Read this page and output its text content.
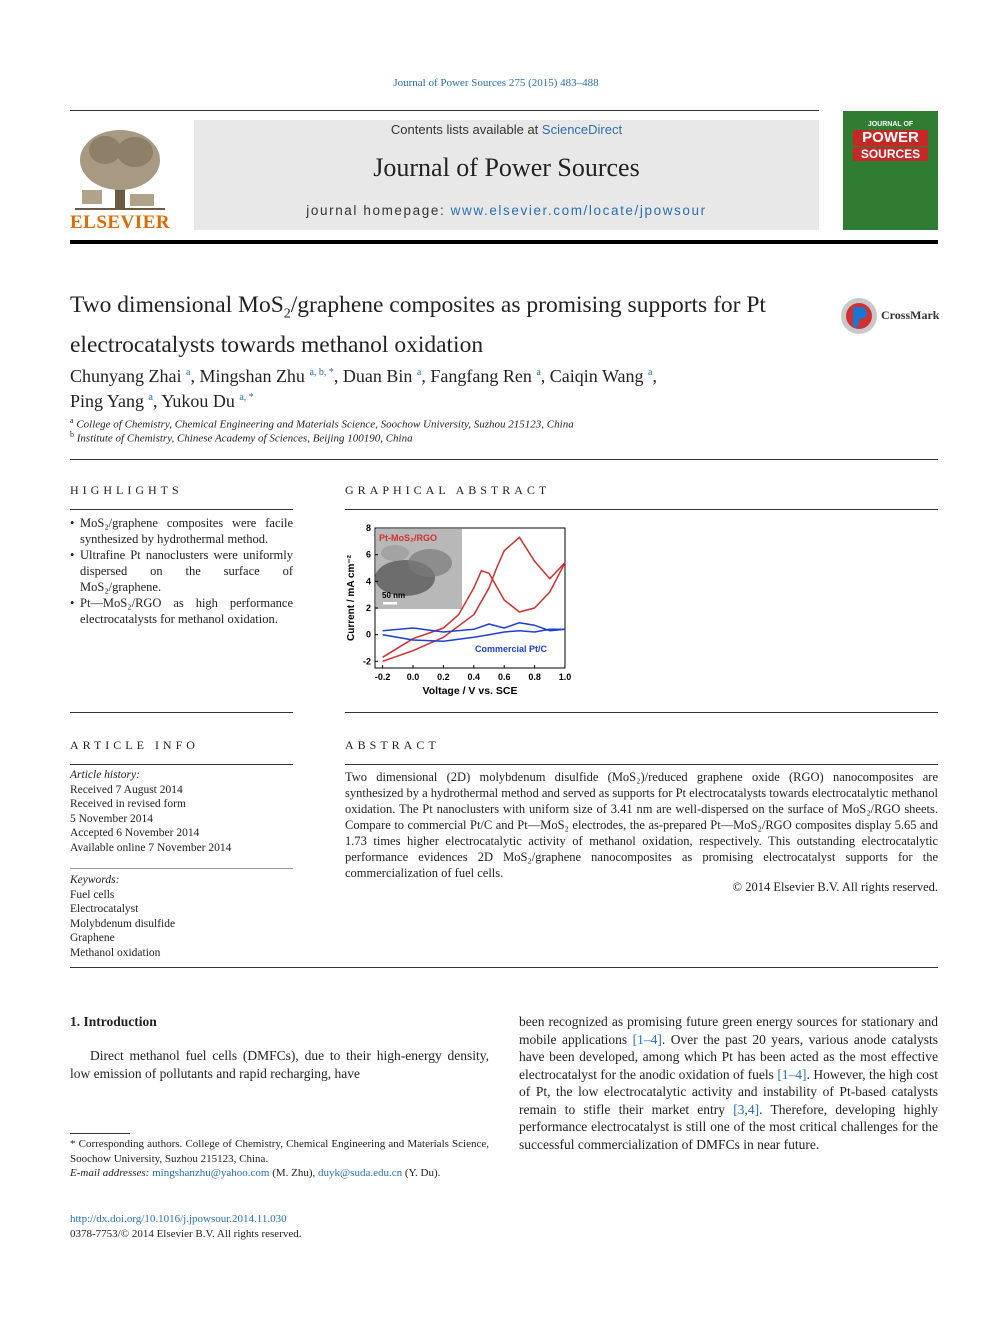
Journal of Power Sources 275 (2015) 483–488
ELSEVIER
Contents lists available at ScienceDirect
Journal of Power Sources
journal homepage: www.elsevier.com/locate/jpowsour
JOURNAL OF
POWER
SOURCES
Two dimensional MoS$_2$/graphene composites as promising supports for Pt electrocatalysts towards methanol oxidation
CrossMark
Chunyang Zhai $^a$, Mingshan Zhu $^{a, b, *}$, Duan Bin $^a$, Fangfang Ren $^a$, Caiqin Wang $^a$,
Ping Yang $^a$, Yukou Du $^{a, *}$
$^a$ College of Chemistry, Chemical Engineering and Materials Science, Soochow University, Suzhou 215123, China
$^b$ Institute of Chemistry, Chinese Academy of Sciences, Beijing 100190, China
HIGHLIGHTS
• MoS₂/graphene composites were facile synthesized by hydrothermal method.
• Ultrafine Pt nanoclusters were uniformly dispersed on the surface of MoS₂/graphene.
• Pt—MoS₂/RGO as high performance electrocatalysts for methanol oxidation.
GRAPHICAL ABSTRACT
Pt-MoS₂/RGO
50 nm
-0.2 0.0 0.2 0.4 0.6 0.8 1.0
8
6
4
2
0
-2
Commercial Pt/C
Voltage / V vs. SCE
Current / mA cm⁻²
ARTICLE INFO
Article history:
Received 7 August 2014
Received in revised form
5 November 2014
Accepted 6 November 2014
Available online 7 November 2014
Keywords:
Fuel cells
Electrocatalyst
Molybdenum disulfide
Graphene
Methanol oxidation
ABSTRACT
Two dimensional (2D) molybdenum disulfide (MoS₂)/reduced graphene oxide (RGO) nanocomposites are synthesized by a hydrothermal method and served as supports for Pt electrocatalysts towards electrocatalytic methanol oxidation. The Pt nanoclusters with uniform size of 3.41 nm are well-dispersed on the surface of MoS₂/RGO sheets. Compare to commercial Pt/C and Pt—MoS₂ electrodes, the as-prepared Pt—MoS₂/RGO composites display 5.65 and 1.73 times higher electrocatalytic activity of methanol oxidation, respectively. This outstanding electrocatalytic performance evidences 2D MoS₂/graphene nanocomposites as promising electrocatalyst supports for the commercialization of fuel cells.
© 2014 Elsevier B.V. All rights reserved.
1. Introduction
Direct methanol fuel cells (DMFCs), due to their high-energy density, low emission of pollutants and rapid recharging, have
been recognized as promising future green energy sources for stationary and mobile applications [1–4]. Over the past 20 years, various anode catalysts have been developed, among which Pt has been acted as the most effective electrocatalyst for the anodic oxidation of fuels [1–4]. However, the high cost of Pt, the low electrocatalytic activity and instability of Pt-based catalysts remain to stifle their market entry [3,4]. Therefore, developing highly performance electrocatalyst is still one of the most critical challenges for the successful commercialization of DMFCs in near future.
* Corresponding authors. College of Chemistry, Chemical Engineering and Materials Science, Soochow University, Suzhou 215123, China.
E-mail addresses: mingshanzhu@yahoo.com (M. Zhu), duyk@suda.edu.cn (Y. Du).
http://dx.doi.org/10.1016/j.jpowsour.2014.11.030
0378-7753/© 2014 Elsevier B.V. All rights reserved.
